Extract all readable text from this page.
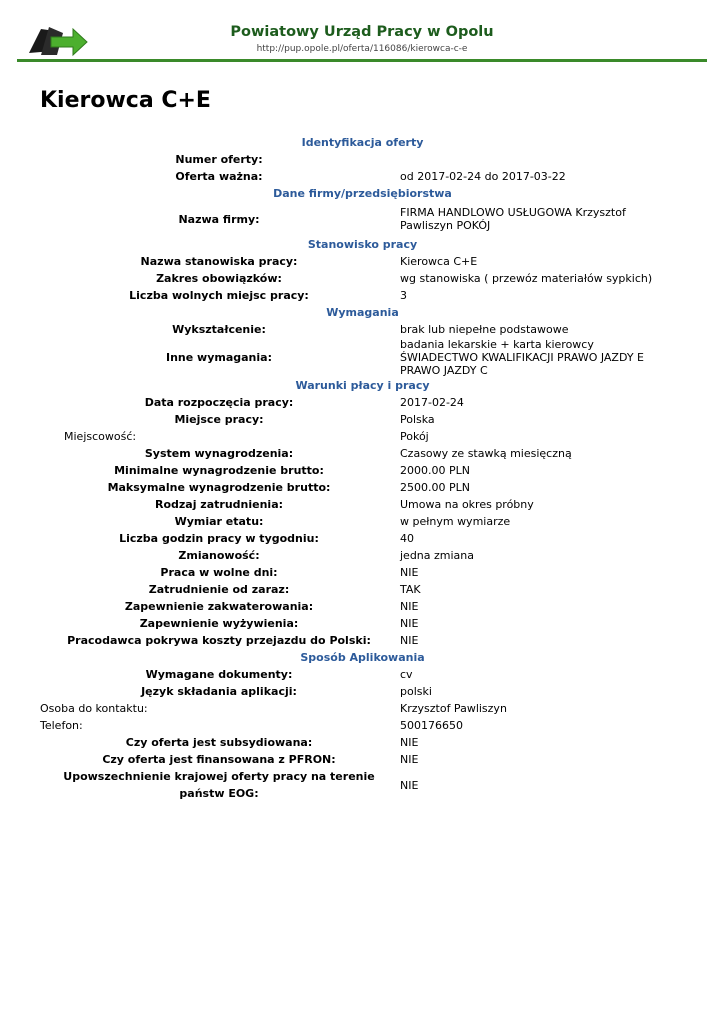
Powiatowy Urząd Pracy w Opolu
http://pup.opole.pl/oferta/116086/kierowca-c-e
Kierowca C+E
Identyfikacja oferty
Numer oferty:
Oferta ważna:	od 2017-02-24 do 2017-03-22
Dane firmy/przedsiębiorstwa
Nazwa firmy:	FIRMA HANDLOWO USŁUGOWA Krzysztof Pawliszyn POKÓJ
Stanowisko pracy
Nazwa stanowiska pracy:	Kierowca C+E
Zakres obowiązków:	wg stanowiska ( przewóz materiałów sypkich)
Liczba wolnych miejsc pracy:	3
Wymagania
Wykształcenie:	brak lub niepełne podstawowe
Inne wymagania:
badania lekarskie + karta kierowcy ŚWIADECTWO KWALIFIKACJI PRAWO JAZDY E PRAWO JAZDY C
Warunki płacy i pracy
Data rozpoczęcia pracy:	2017-02-24
Miejsce pracy:	Polska
Miejscowość:	Pokój
System wynagrodzenia:	Czasowy ze stawką miesięczną
Minimalne wynagrodzenie brutto:	2000.00 PLN
Maksymalne wynagrodzenie brutto:	2500.00 PLN
Rodzaj zatrudnienia:	Umowa na okres próbny
Wymiar etatu:	w pełnym wymiarze
Liczba godzin pracy w tygodniu:	40
Zmianowość:	jedna zmiana
Praca w wolne dni:	NIE
Zatrudnienie od zaraz:	TAK
Zapewnienie zakwaterowania:	NIE
Zapewnienie wyżywienia:	NIE
Pracodawca pokrywa koszty przejazdu do Polski:	NIE
Sposób Aplikowania
Wymagane dokumenty:	cv
Język składania aplikacji:	polski
Osoba do kontaktu:	Krzysztof Pawliszyn
Telefon:	500176650
Czy oferta jest subsydiowana:	NIE
Czy oferta jest finansowana z PFRON:	NIE
Upowszechnienie krajowej oferty pracy na terenie państw EOG:
NIE
